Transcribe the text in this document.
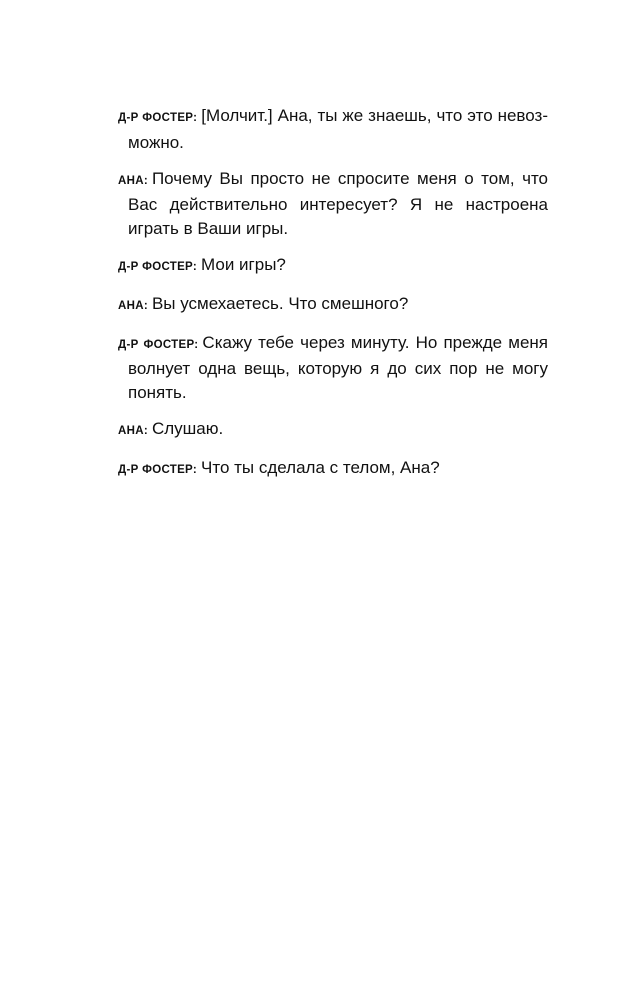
Д-Р ФОСТЕР: [Молчит.] Ана, ты же знаешь, что это невозможно.

АНА: Почему Вы просто не спросите меня о том, что Вас действительно интересует? Я не настроена играть в Ваши игры.

Д-Р ФОСТЕР: Мои игры?

АНА: Вы усмехаетесь. Что смешного?

Д-Р ФОСТЕР: Скажу тебе через минуту. Но прежде меня волнует одна вещь, которую я до сих пор не могу понять.

АНА: Слушаю.

Д-Р ФОСТЕР: Что ты сделала с телом, Ана?
